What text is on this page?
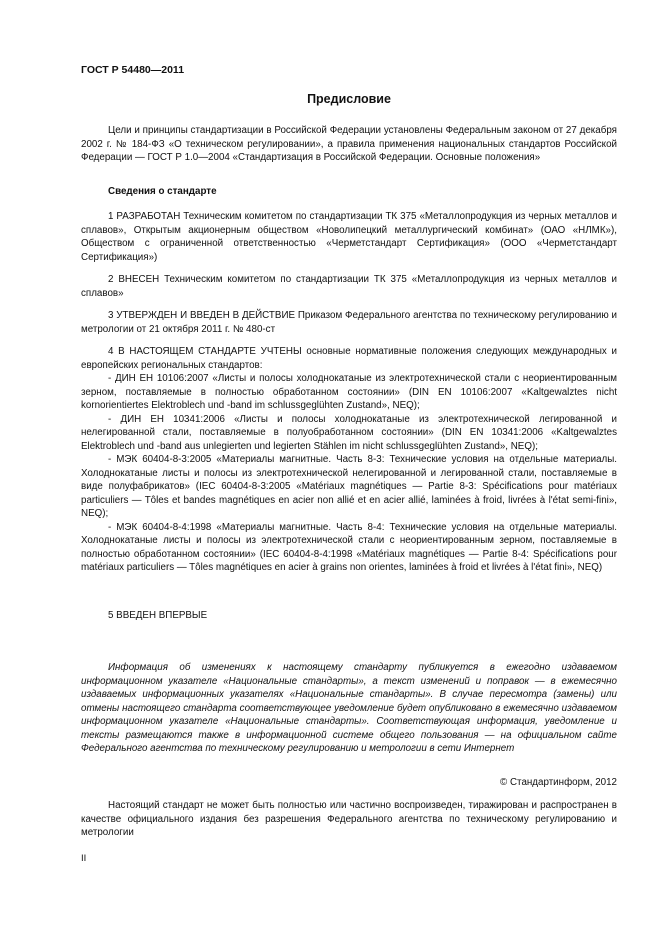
ГОСТ Р 54480—2011
Предисловие

Цели и принципы стандартизации в Российской Федерации установлены Федеральным законом от 27 декабря 2002 г. № 184-ФЗ «О техническом регулировании», а правила применения национальных стандартов Российской Федерации — ГОСТ Р 1.0—2004 «Стандартизация в Российской Федерации. Основные положения»

Сведения о стандарте

1 РАЗРАБОТАН Техническим комитетом по стандартизации ТК 375 «Металлопродукция из черных металлов и сплавов», Открытым акционерным обществом «Новолипецкий металлургический комбинат» (ОАО «НЛМК»), Обществом с ограниченной ответственностью «Черметстандарт Сертификация» (ООО «Черметстандарт Сертификация»)

2 ВНЕСЕН Техническим комитетом по стандартизации ТК 375 «Металлопродукция из черных металлов и сплавов»

3 УТВЕРЖДЕН И ВВЕДЕН В ДЕЙСТВИЕ Приказом Федерального агентства по техническому регулированию и метрологии от 21 октября 2011 г. № 480-ст

4 В НАСТОЯЩЕМ СТАНДАРТЕ УЧТЕНЫ основные нормативные положения следующих международных и европейских региональных стандартов:

- ДИН ЕН 10106:2007 «Листы и полосы холоднокатаные из электротехнической стали с неориентированным зерном, поставляемые в полностью обработанном состоянии» (DIN EN 10106:2007 «Kaltgewalztes nicht kornorientiertes Elektroblech und -band im schlussgeglühten Zustand», NEQ);

- ДИН ЕН 10341:2006 «Листы и полосы холоднокатаные из электротехнической легированной и нелегированной стали, поставляемые в полуобработанном состоянии» (DIN EN 10341:2006 «Kaltgewalztes Elektroblech und -band aus unlegierten und legierten Stählen im nicht schlussgeglühten Zustand», NEQ);

- МЭК 60404-8-3:2005 «Материалы магнитные. Часть 8-3: Технические условия на отдельные материалы. Холоднокатаные листы и полосы из электротехнической нелегированной и легированной стали, поставляемые в виде полуфабрикатов» (IEC 60404-8-3:2005 «Matériaux magnétiques — Partie 8-3: Spécifications pour matériaux particuliers — Tôles et bandes magnétiques en acier non allié et en acier allié, laminées à froid, livrées à l'état semi-fini», NEQ);

- МЭК 60404-8-4:1998 «Материалы магнитные. Часть 8-4: Технические условия на отдельные материалы. Холоднокатаные листы и полосы из электротехнической стали с неориентированным зерном, поставляемые в полностью обработанном состоянии» (IEC 60404-8-4:1998 «Matériaux magnétiques — Partie 8-4: Spécifications pour matériaux particuliers — Tôles magnétiques en acier à grains non orientes, laminées à froid et livrées à l'état fini», NEQ)

5 ВВЕДЕН ВПЕРВЫЕ

Информация об изменениях к настоящему стандарту публикуется в ежегодно издаваемом информационном указателе «Национальные стандарты», а текст изменений и поправок — в ежемесячно издаваемых информационных указателях «Национальные стандарты». В случае пересмотра (замены) или отмены настоящего стандарта соответствующее уведомление будет опубликовано в ежемесячно издаваемом информационном указателе «Национальные стандарты». Соответствующая информация, уведомление и тексты размещаются также в информационной системе общего пользования — на официальном сайте Федерального агентства по техническому регулированию и метрологии в сети Интернет

© Стандартинформ, 2012

Настоящий стандарт не может быть полностью или частично воспроизведен, тиражирован и распространен в качестве официального издания без разрешения Федерального агентства по техническому регулированию и метрологии

II
